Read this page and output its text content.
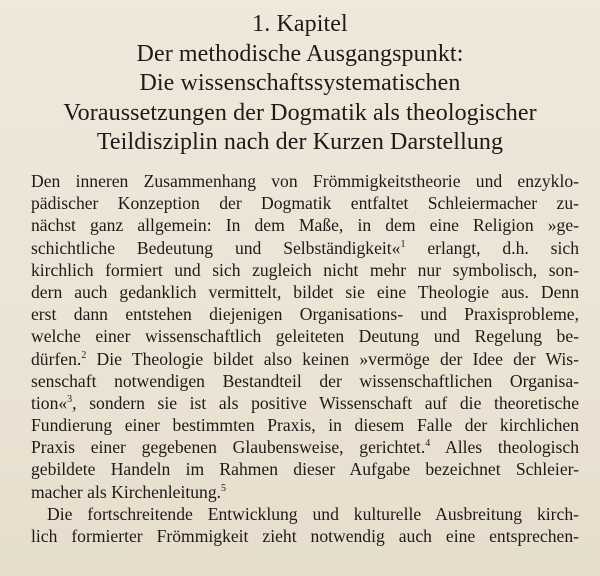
1. Kapitel
Der methodische Ausgangspunkt:
Die wissenschaftssystematischen
Voraussetzungen der Dogmatik als theologischer
Teildisziplin nach der Kurzen Darstellung
Den inneren Zusammenhang von Frömmigkeitstheorie und enzyklo-
pädischer Konzeption der Dogmatik entfaltet Schleiermacher zu-
nächst ganz allgemein: In dem Maße, in dem eine Religion »ge-
schichtliche Bedeutung und Selbständigkeit«$^1$ erlangt, d.h. sich
kirchlich formiert und sich zugleich nicht mehr nur symbolisch, son-
dern auch gedanklich vermittelt, bildet sie eine Theologie aus. Denn
erst dann entstehen diejenigen Organisations- und Praxisprobleme,
welche einer wissenschaftlich geleiteten Deutung und Regelung be-
dürfen.$^2$ Die Theologie bildet also keinen »vermöge der Idee der Wis-
senschaft notwendigen Bestandteil der wissenschaftlichen Organisa-
tion«$^3$, sondern sie ist als positive Wissenschaft auf die theoretische
Fundierung einer bestimmten Praxis, in diesem Falle der kirchlichen
Praxis einer gegebenen Glaubensweise, gerichtet.$^4$ Alles theologisch
gebildete Handeln im Rahmen dieser Aufgabe bezeichnet Schleier-
macher als Kirchenleitung.$^5$
Die fortschreitende Entwicklung und kulturelle Ausbreitung kirch-
lich formierter Frömmigkeit zieht notwendig auch eine entsprechen-
